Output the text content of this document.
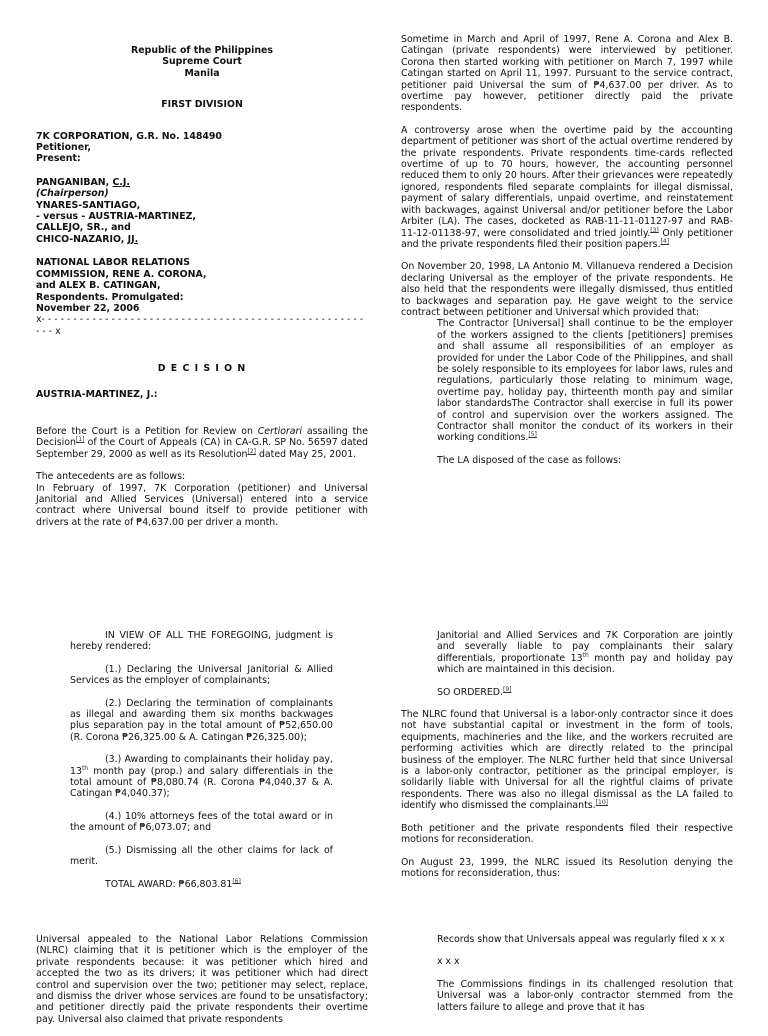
Republic of the Philippines
Supreme Court
Manila
FIRST DIVISION
7K CORPORATION, G.R. No. 148490
Petitioner,
Present:
PANGANIBAN, C.J.
(Chairperson)
YNARES-SANTIAGO,
- versus - AUSTRIA-MARTINEZ,
CALLEJO, SR., and
CHICO-NAZARIO, JJ.
NATIONAL LABOR RELATIONS
COMMISSION, RENE A. CORONA,
and ALEX B. CATINGAN,
Respondents. Promulgated:
November 22, 2006
x- - - - - - - - - - - - - - - - - - - - - - - - - - - - - - - - - - - - - - - - - - - - - - - - - - - - - - x
D E C I S I O N
AUSTRIA-MARTINEZ, J.:

Before the Court is a Petition for Review on Certiorari assailing the Decision[1] of the Court of Appeals (CA) in CA-G.R. SP No. 56597 dated September 29, 2000 as well as its Resolution[2] dated May 25, 2001.

The antecedents are as follows:

In February of 1997, 7K Corporation (petitioner) and Universal Janitorial and Allied Services (Universal) entered into a service contract where Universal bound itself to provide petitioner with drivers at the rate of ₱4,637.00 per driver a month.

Sometime in March and April of 1997, Rene A. Corona and Alex B. Catingan (private respondents) were interviewed by petitioner. Corona then started working with petitioner on March 7, 1997 while Catingan started on April 11, 1997. Pursuant to the service contract, petitioner paid Universal the sum of ₱4,637.00 per driver. As to overtime pay however, petitioner directly paid the private respondents.

A controversy arose when the overtime paid by the accounting department of petitioner was short of the actual overtime rendered by the private respondents. Private respondents time-cards reflected overtime of up to 70 hours, however, the accounting personnel reduced them to only 20 hours. After their grievances were repeatedly ignored, respondents filed separate complaints for illegal dismissal, payment of salary differentials, unpaid overtime, and reinstatement with backwages, against Universal and/or petitioner before the Labor Arbiter (LA). The cases, docketed as RAB-11-11-01127-97 and RAB-11-12-01138-97, were consolidated and tried jointly.[3] Only petitioner and the private respondents filed their position papers.[4]

On November 20, 1998, LA Antonio M. Villanueva rendered a Decision declaring Universal as the employer of the private respondents. He also held that the respondents were illegally dismissed, thus entitled to backwages and separation pay. He gave weight to the service contract between petitioner and Universal which provided that:

The Contractor [Universal] shall continue to be the employer of the workers assigned to the clients [petitioners] premises and shall assume all responsibilities of an employer as provided for under the Labor Code of the Philippines, and shall be solely responsible to its employees for labor laws, rules and regulations, particularly those relating to minimum wage, overtime pay, holiday pay, thirteenth month pay and similar labor standardsThe Contractor shall exercise in full its power of control and supervision over the workers assigned. The Contractor shall monitor the conduct of its workers in their working conditions.[5]

The LA disposed of the case as follows:

IN VIEW OF ALL THE FOREGOING, judgment is hereby rendered:

(1.) Declaring the Universal Janitorial & Allied Services as the employer of complainants;

(2.) Declaring the termination of complainants as illegal and awarding them six months backwages plus separation pay in the total amount of ₱52,650.00 (R. Corona ₱26,325.00 & A. Catingan ₱26,325.00);

(3.) Awarding to complainants their holiday pay, 13th month pay (prop.) and salary differentials in the total amount of ₱8,080.74 (R. Corona ₱4,040.37 & A. Catingan ₱4,040.37);

(4.) 10% attorneys fees of the total award or in the amount of ₱6,073.07; and

(5.) Dismissing all the other claims for lack of merit.

TOTAL AWARD: ₱66,803.81[6]

Janitorial and Allied Services and 7K Corporation are jointly and severally liable to pay complainants their salary differentials, proportionate 13th month pay and holiday pay which are maintained in this decision.

SO ORDERED.[9]

The NLRC found that Universal is a labor-only contractor since it does not have substantial capital or investment in the form of tools, equipments, machineries and the like, and the workers recruited are performing activities which are directly related to the principal business of the employer. The NLRC further held that since Universal is a labor-only contractor, petitioner as the principal employer, is solidarily liable with Universal for all the rightful claims of private respondents. There was also no illegal dismissal as the LA failed to identify who dismissed the complainants.[10]

Both petitioner and the private respondents filed their respective motions for reconsideration.

On August 23, 1999, the NLRC issued its Resolution denying the motions for reconsideration, thus:

Universal appealed to the National Labor Relations Commission (NLRC) claiming that it is petitioner which is the employer of the private respondents because: it was petitioner which hired and accepted the two as its drivers; it was petitioner which had direct control and supervision over the two; petitioner may select, replace, and dismiss the driver whose services are found to be unsatisfactory; and petitioner directly paid the private respondents their overtime pay. Universal also claimed that private respondents

Records show that Universals appeal was regularly filed x x x

x x x

The Commissions findings in its challenged resolution that Universal was a labor-only contractor stemmed from the latters failure to allege and prove that it has
